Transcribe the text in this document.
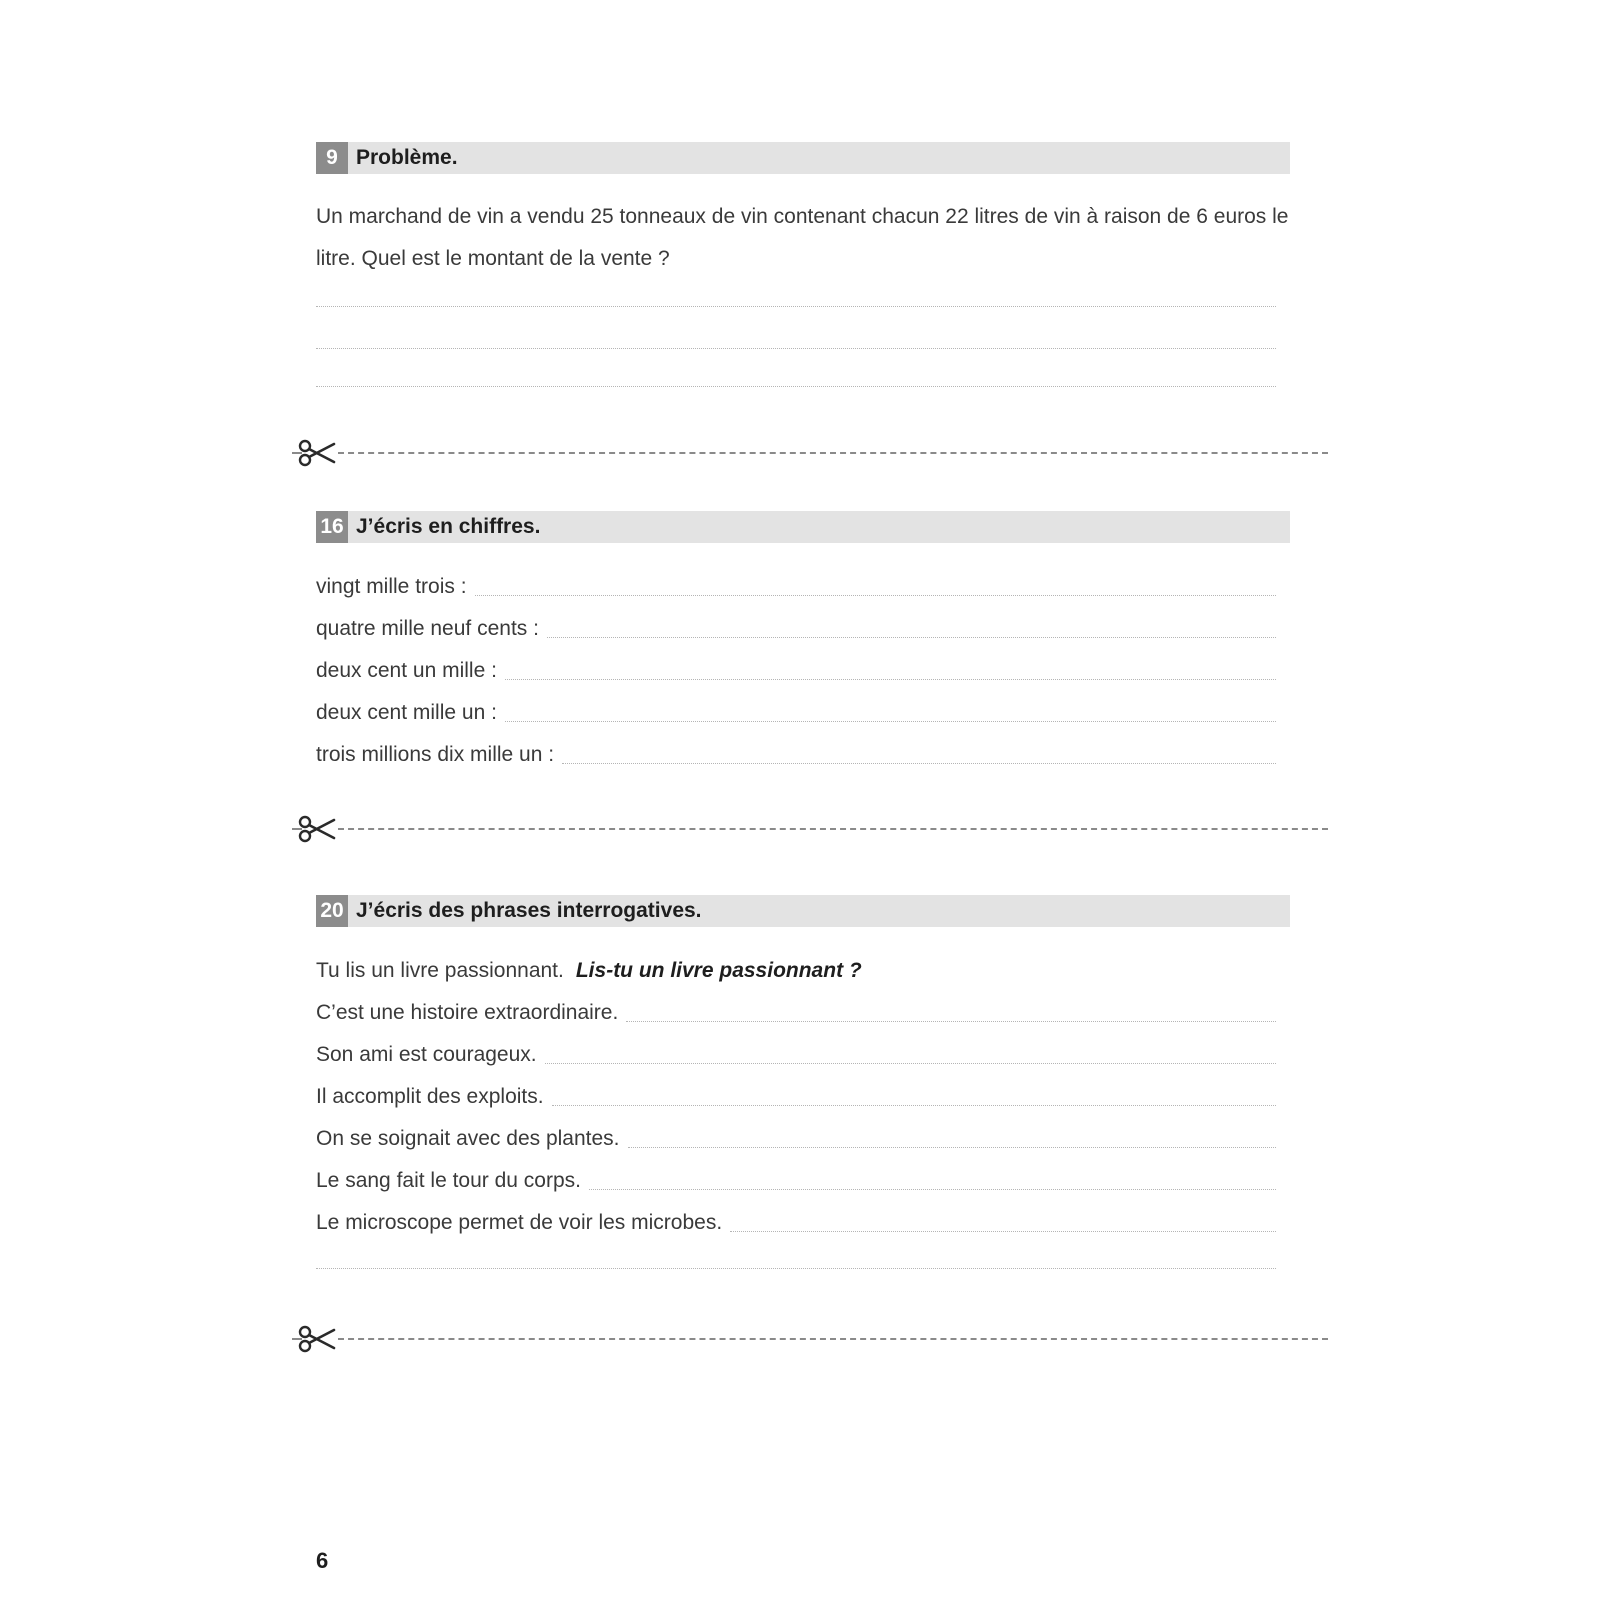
9 Problème.
Un marchand de vin a vendu 25 tonneaux de vin contenant chacun 22 litres de vin à raison de 6 euros le litre. Quel est le montant de la vente ?
16 J’écris en chiffres.
vingt mille trois :
quatre mille neuf cents :
deux cent un mille :
deux cent mille un :
trois millions dix mille un :
20 J’écris des phrases interrogatives.
Tu lis un livre passionnant. Lis-tu un livre passionnant ?
C’est une histoire extraordinaire.
Son ami est courageux.
Il accomplit des exploits.
On se soignait avec des plantes.
Le sang fait le tour du corps.
Le microscope permet de voir les microbes.
6
